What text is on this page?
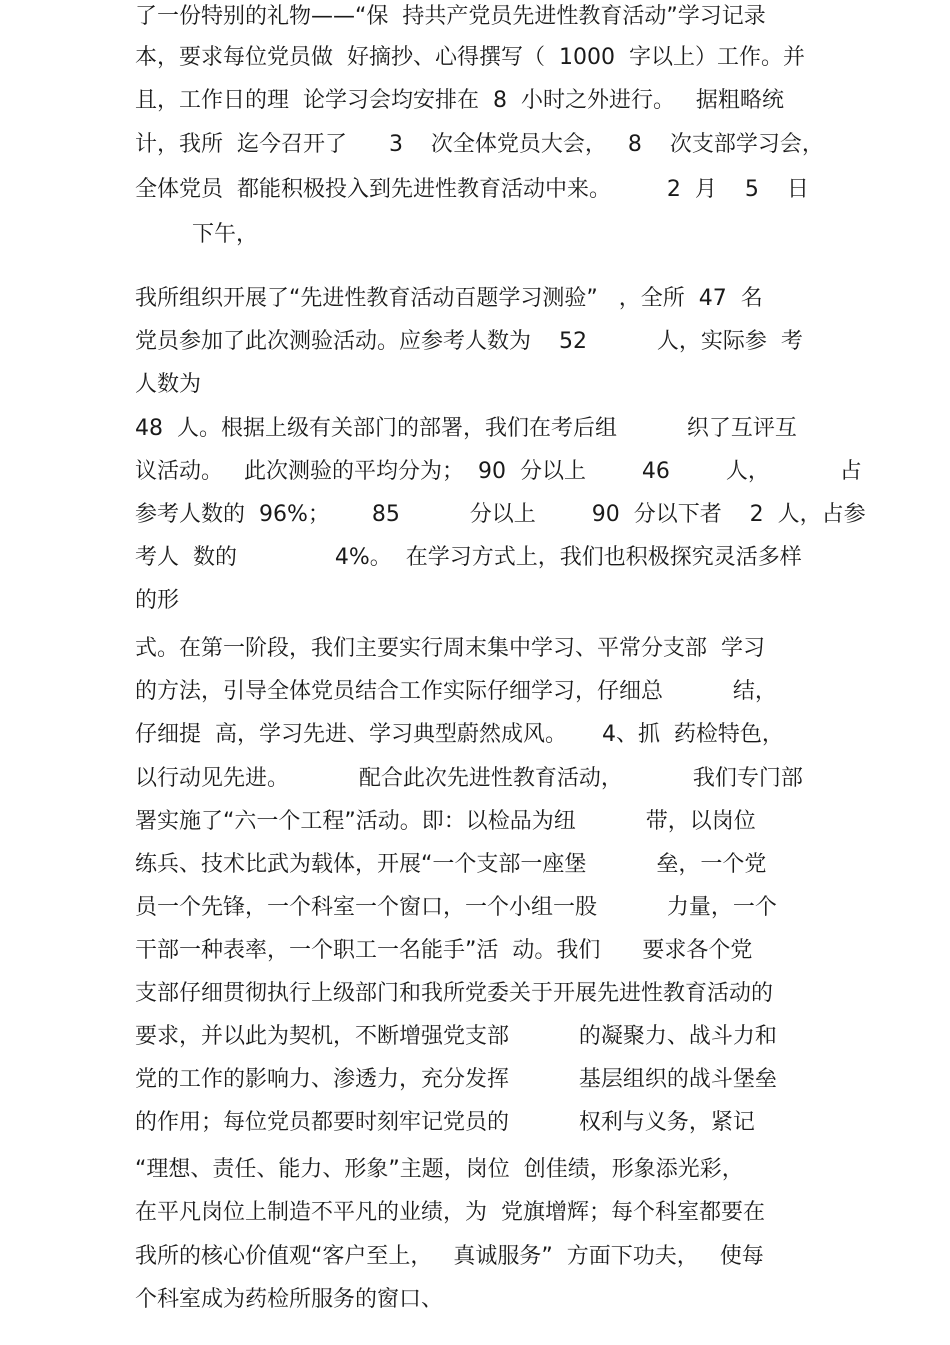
了一份特别的礼物——“保  持共产党员先进性教育活动”学习记录
本，要求每位党员做  好摘抄、心得撰写（  1000  字以上）工作。并
且，工作日的理  论学习会均安排在  8  小时之外进行。   据粗略统
计，我所  迄今召开了      3    次全体党员大会，   8    次支部学习会，
全体党员  都能积极投入到先进性教育活动中来。        2  月    5    日
下午，
我所组织开展了“先进性教育活动百题学习测验”   ，全所  47  名
党员参加了此次测验活动。应参考人数为    52          人，实际参  考
人数为
48  人。根据上级有关部门的部署，我们在考后组          织了互评互
议活动。   此次测验的平均分为；  90  分以上        46        人，          占
参考人数的  96%；      85          分以上        90  分以下者    2  人，占参
考人  数的              4%。  在学习方式上，我们也积极探究灵活多样
的形
式。在第一阶段，我们主要实行周末集中学习、平常分支部  学习
的方法，引导全体党员结合工作实际仔细学习，仔细总          结，
仔细提  高，学习先进、学习典型蔚然成风。     4、抓  药检特色，
以行动见先进。          配合此次先进性教育活动，          我们专门部
署实施了“六一个工程”活动。即：以检品为纽          带，以岗位
练兵、技术比武为载体，开展“一个支部一座堡          垒，一个党
员一个先锋，一个科室一个窗口，一个小组一股          力量，一个
干部一种表率，一个职工一名能手”活  动。我们      要求各个党
支部仔细贯彻执行上级部门和我所党委关于开展先进性教育活动的
要求，并以此为契机，不断增强党支部          的凝聚力、战斗力和
党的工作的影响力、渗透力，充分发挥          基层组织的战斗堡垒
的作用；每位党员都要时刻牢记党员的          权利与义务，紧记
“理想、责任、能力、形象”主题，岗位  创佳绩，形象添光彩，
在平凡岗位上制造不平凡的业绩，为  党旗增辉；每个科室都要在
我所的核心价值观“客户至上，   真诚服务”  方面下功夫，   使每
个科室成为药检所服务的窗口、
